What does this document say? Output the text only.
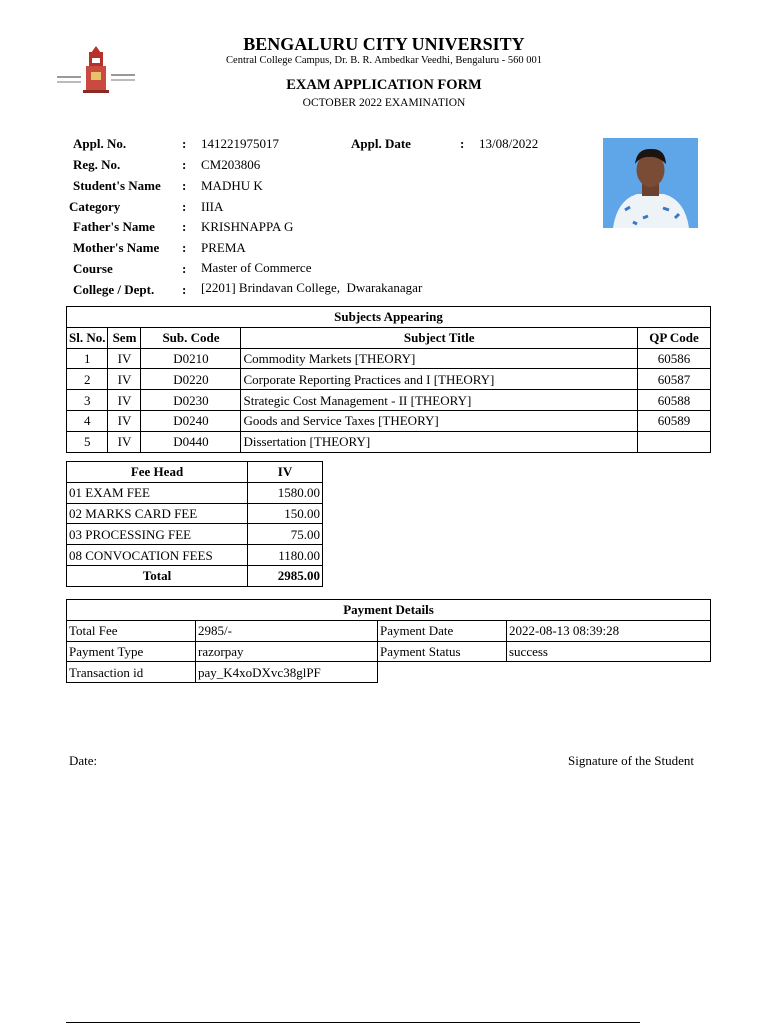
BENGALURU CITY UNIVERSITY
Central College Campus, Dr. B. R. Ambedkar Veedhi, Bengaluru - 560 001
EXAM APPLICATION FORM
OCTOBER 2022 EXAMINATION
Appl. No.	: 141221975017	Appl. Date	: 13/08/2022
Reg. No.	: CM203806
Student's Name : MADHU K
Category	: IIIA
Father's Name : KRISHNAPPA G
Mother's Name : PREMA
Course	: Master of Commerce
College / Dept. : [2201] Brindavan College,  Dwarakanagar
Subjects Appearing				
Sl. No.	Sem	Sub. Code	Subject Title	QP Code
1	IV	D0210	Commodity Markets [THEORY]	60586
2	IV	D0220	Corporate Reporting Practices and I [THEORY]	60587
3	IV	D0230	Strategic Cost Management - II [THEORY]	60588
4	IV	D0240	Goods and Service Taxes [THEORY]	60589
5	IV	D0440	Dissertation [THEORY]	
Fee Head	IV
01 EXAM FEE	1580.00
02 MARKS CARD FEE	150.00
03 PROCESSING FEE	75.00
08 CONVOCATION FEES	1180.00
Total	2985.00
Payment Details			
Total Fee	2985/-	Payment Date	2022-08-13 08:39:28
Payment Type	razorpay	Payment Status	success
Transaction id	pay_K4xoDXvc38glPF		
Date:	Signature of the Student
